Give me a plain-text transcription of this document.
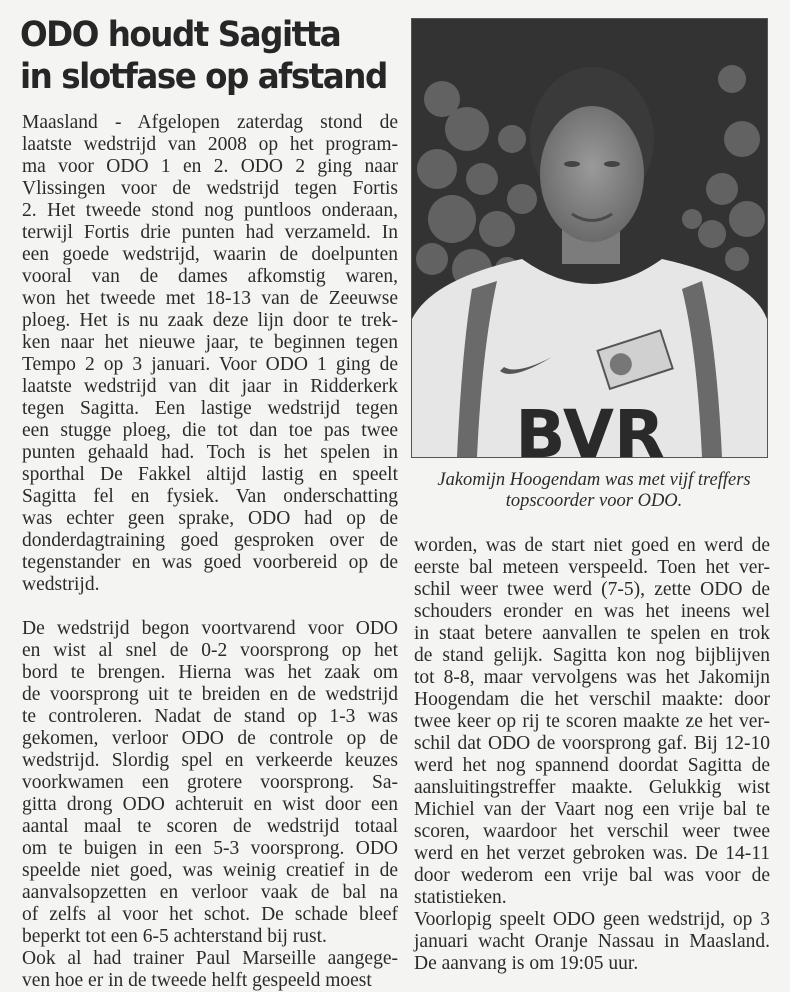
ODO houdt Sagitta
in slotfase op afstand
Maasland - Afgelopen zaterdag stond de
laatste wedstrijd van 2008 op het program-
ma voor ODO 1 en 2. ODO 2 ging naar
Vlissingen voor de wedstrijd tegen Fortis
2. Het tweede stond nog puntloos onderaan,
terwijl Fortis drie punten had verzameld. In
een goede wedstrijd, waarin de doelpunten
vooral van de dames afkomstig waren,
won het tweede met 18-13 van de Zeeuwse
ploeg. Het is nu zaak deze lijn door te trek-
ken naar het nieuwe jaar, te beginnen tegen
Tempo 2 op 3 januari. Voor ODO 1 ging de
laatste wedstrijd van dit jaar in Ridderkerk
tegen Sagitta. Een lastige wedstrijd tegen
een stugge ploeg, die tot dan toe pas twee
punten gehaald had. Toch is het spelen in
sporthal De Fakkel altijd lastig en speelt
Sagitta fel en fysiek. Van onderschatting
was echter geen sprake, ODO had op de
donderdagtraining goed gesproken over de
tegenstander en was goed voorbereid op de
wedstrijd.
De wedstrijd begon voortvarend voor ODO
en wist al snel de 0-2 voorsprong op het
bord te brengen. Hierna was het zaak om
de voorsprong uit te breiden en de wedstrijd
te controleren. Nadat de stand op 1-3 was
gekomen, verloor ODO de controle op de
wedstrijd. Slordig spel en verkeerde keuzes
voorkwamen een grotere voorsprong. Sa-
gitta drong ODO achteruit en wist door een
aantal maal te scoren de wedstrijd totaal
om te buigen in een 5-3 voorsprong. ODO
speelde niet goed, was weinig creatief in de
aanvalsopzetten en verloor vaak de bal na
of zelfs al voor het schot. De schade bleef
beperkt tot een 6-5 achterstand bij rust.
Ook al had trainer Paul Marseille aangege-
ven hoe er in de tweede helft gespeeld moest
BVR
Jakomijn Hoogendam was met vijf treffers
topscoorder voor ODO.
worden, was de start niet goed en werd de
eerste bal meteen verspeeld. Toen het ver-
schil weer twee werd (7-5), zette ODO de
schouders eronder en was het ineens wel
in staat betere aanvallen te spelen en trok
de stand gelijk. Sagitta kon nog bijblijven
tot 8-8, maar vervolgens was het Jakomijn
Hoogendam die het verschil maakte: door
twee keer op rij te scoren maakte ze het ver-
schil dat ODO de voorsprong gaf. Bij 12-10
werd het nog spannend doordat Sagitta de
aansluitingstreffer maakte. Gelukkig wist
Michiel van der Vaart nog een vrije bal te
scoren, waardoor het verschil weer twee
werd en het verzet gebroken was. De 14-11
door wederom een vrije bal was voor de
statistieken.
Voorlopig speelt ODO geen wedstrijd, op 3
januari wacht Oranje Nassau in Maasland.
De aanvang is om 19:05 uur.
